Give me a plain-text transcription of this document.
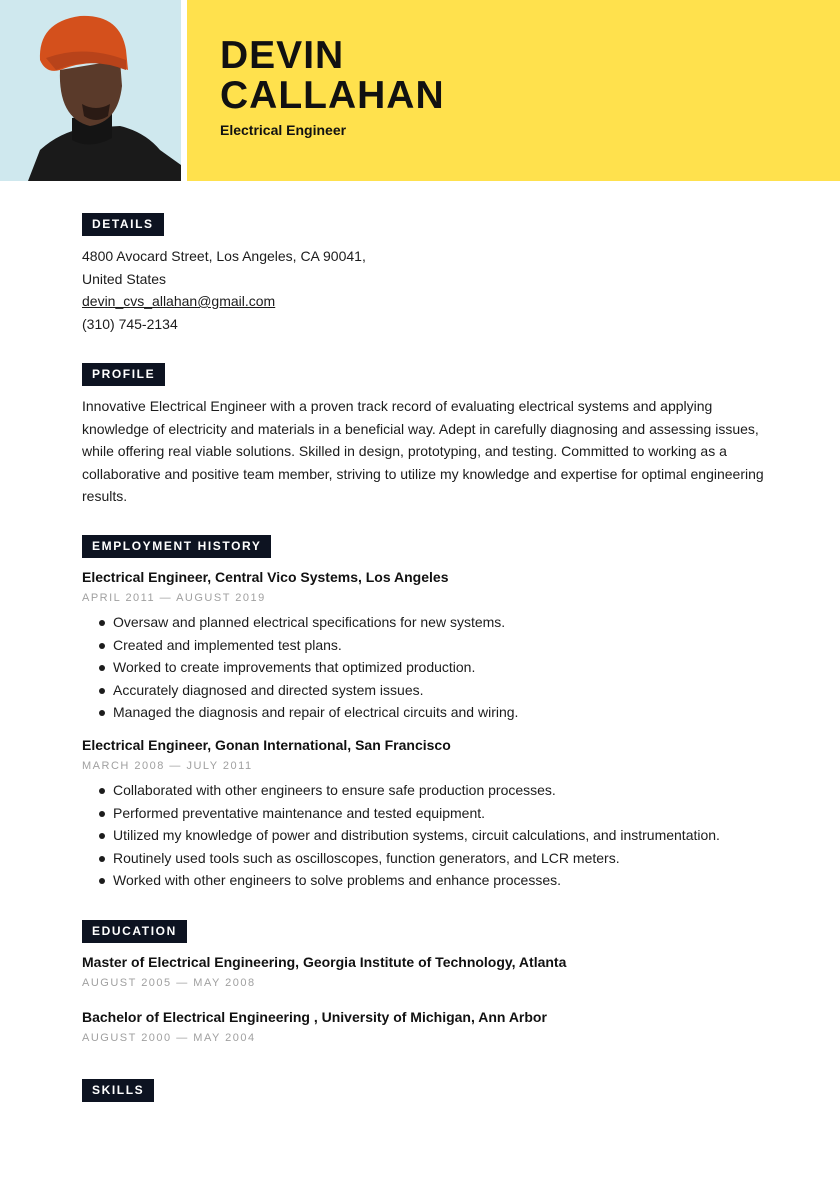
DEVIN
CALLAHAN
Electrical Engineer
DETAILS
4800 Avocard Street, Los Angeles, CA 90041,
United States
devin_cvs_allahan@gmail.com
(310) 745-2134
PROFILE
Innovative Electrical Engineer with a proven track record of evaluating electrical systems and applying knowledge of electricity and materials in a beneficial way. Adept in carefully diagnosing and assessing issues, while offering real viable solutions. Skilled in design, prototyping, and testing. Committed to working as a collaborative and positive team member, striving to utilize my knowledge and expertise for optimal engineering results.
EMPLOYMENT HISTORY
Electrical Engineer, Central Vico Systems, Los Angeles
APRIL 2011 — AUGUST 2019
Oversaw and planned electrical specifications for new systems.
Created and implemented test plans.
Worked to create improvements that optimized production.
Accurately diagnosed and directed system issues.
Managed the diagnosis and repair of electrical circuits and wiring.
Electrical Engineer, Gonan International, San Francisco
MARCH 2008 — JULY 2011
Collaborated with other engineers to ensure safe production processes.
Performed preventative maintenance and tested equipment.
Utilized my knowledge of power and distribution systems, circuit calculations, and instrumentation.
Routinely used tools such as oscilloscopes, function generators, and LCR meters.
Worked with other engineers to solve problems and enhance processes.
EDUCATION
Master of Electrical Engineering, Georgia Institute of Technology, Atlanta
AUGUST 2005 — MAY 2008
Bachelor of Electrical Engineering , University of Michigan, Ann Arbor
AUGUST 2000 — MAY 2004
SKILLS
